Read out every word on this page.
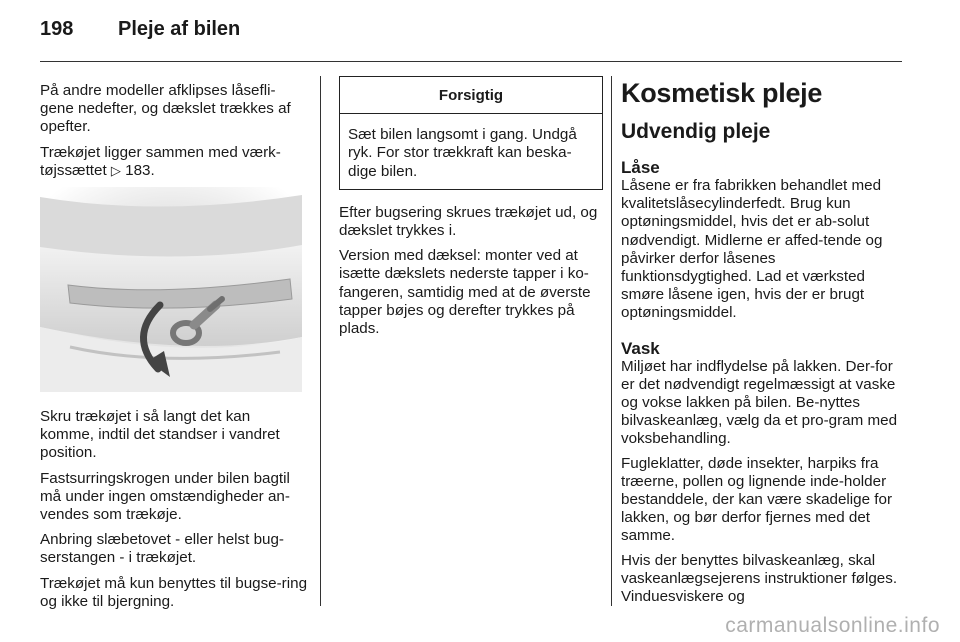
198 Pleje af bilen

På andre modeller afklipses låsefli-gene nedefter, og dækslet trækkes af opefter.

Trækøjet ligger sammen med værk-tøjssættet ▷ 183.

Skru trækøjet i så langt det kan komme, indtil det standser i vandret position.

Fastsurringskrogen under bilen bagtil må under ingen omstændigheder an-vendes som trækøje.

Anbring slæbetovet - eller helst bug-serstangen - i trækøjet.

Trækøjet må kun benyttes til bugse-ring og ikke til bjergning.

Forsigtig
Sæt bilen langsomt i gang. Undgå ryk. For stor trækkraft kan beska-dige bilen.

Efter bugsering skrues trækøjet ud, og dækslet trykkes i.

Version med dæksel: monter ved at isætte dækslets nederste tapper i ko-fangeren, samtidig med at de øverste tapper bøjes og derefter trykkes på plads.

Kosmetisk pleje
Udvendig pleje
Låse

Låsene er fra fabrikken behandlet med kvalitetslåsecylinderfedt. Brug kun optøningsmiddel, hvis det er ab-solut nødvendigt. Midlerne er affed-tende og påvirker derfor låsenes funktionsdygtighed. Lad et værksted smøre låsene igen, hvis der er brugt optøningsmiddel.

Vask

Miljøet har indflydelse på lakken. Der-for er det nødvendigt regelmæssigt at vaske og vokse lakken på bilen. Be-nyttes bilvaskeanlæg, vælg da et pro-gram med voksbehandling.

Fugleklatter, døde insekter, harpiks fra træerne, pollen og lignende inde-holder bestanddele, der kan være skadelige for lakken, og bør derfor fjernes med det samme.

Hvis der benyttes bilvaskeanlæg, skal vaskeanlægsejerens instruktioner følges. Vinduesviskere og

carmanualsonline.info
